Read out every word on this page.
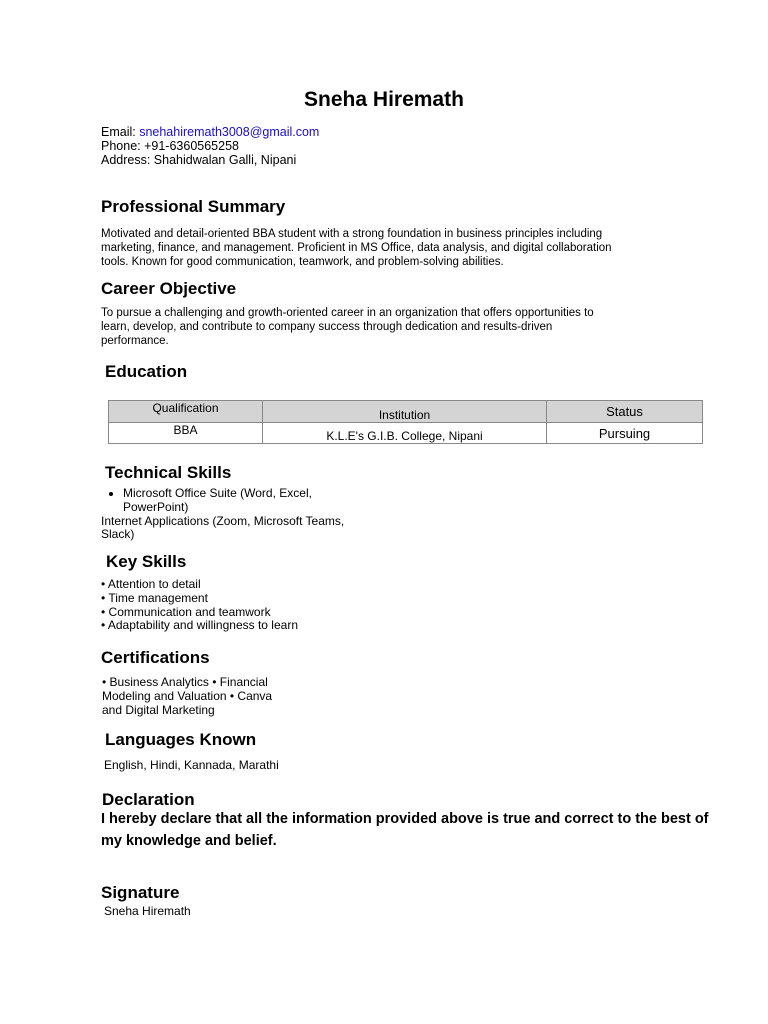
Sneha Hiremath
Email: snehahiremath3008@gmail.com
Phone: +91-6360565258
Address: Shahidwalan Galli, Nipani
Professional Summary
Motivated and detail-oriented BBA student with a strong foundation in business principles including
marketing, finance, and management. Proficient in MS Office, data analysis, and digital collaboration
tools. Known for good communication, teamwork, and problem-solving abilities.
Career Objective
To pursue a challenging and growth-oriented career in an organization that offers opportunities to
learn, develop, and contribute to company success through dedication and results-driven
performance.
Education
Qualification	Institution	Status
BBA	K.L.E's G.I.B. College, Nipani	Pursuing
Technical Skills
• Microsoft Office Suite (Word, Excel,
PowerPoint)
Internet Applications (Zoom, Microsoft Teams,
Slack)
Key Skills
• Attention to detail
• Time management
• Communication and teamwork
• Adaptability and willingness to learn
Certifications
• Business Analytics • Financial
Modeling and Valuation • Canva
and Digital Marketing
Languages Known
English, Hindi, Kannada, Marathi
Declaration
I hereby declare that all the information provided above is true and correct to the best of
my knowledge and belief.
Signature
Sneha Hiremath
